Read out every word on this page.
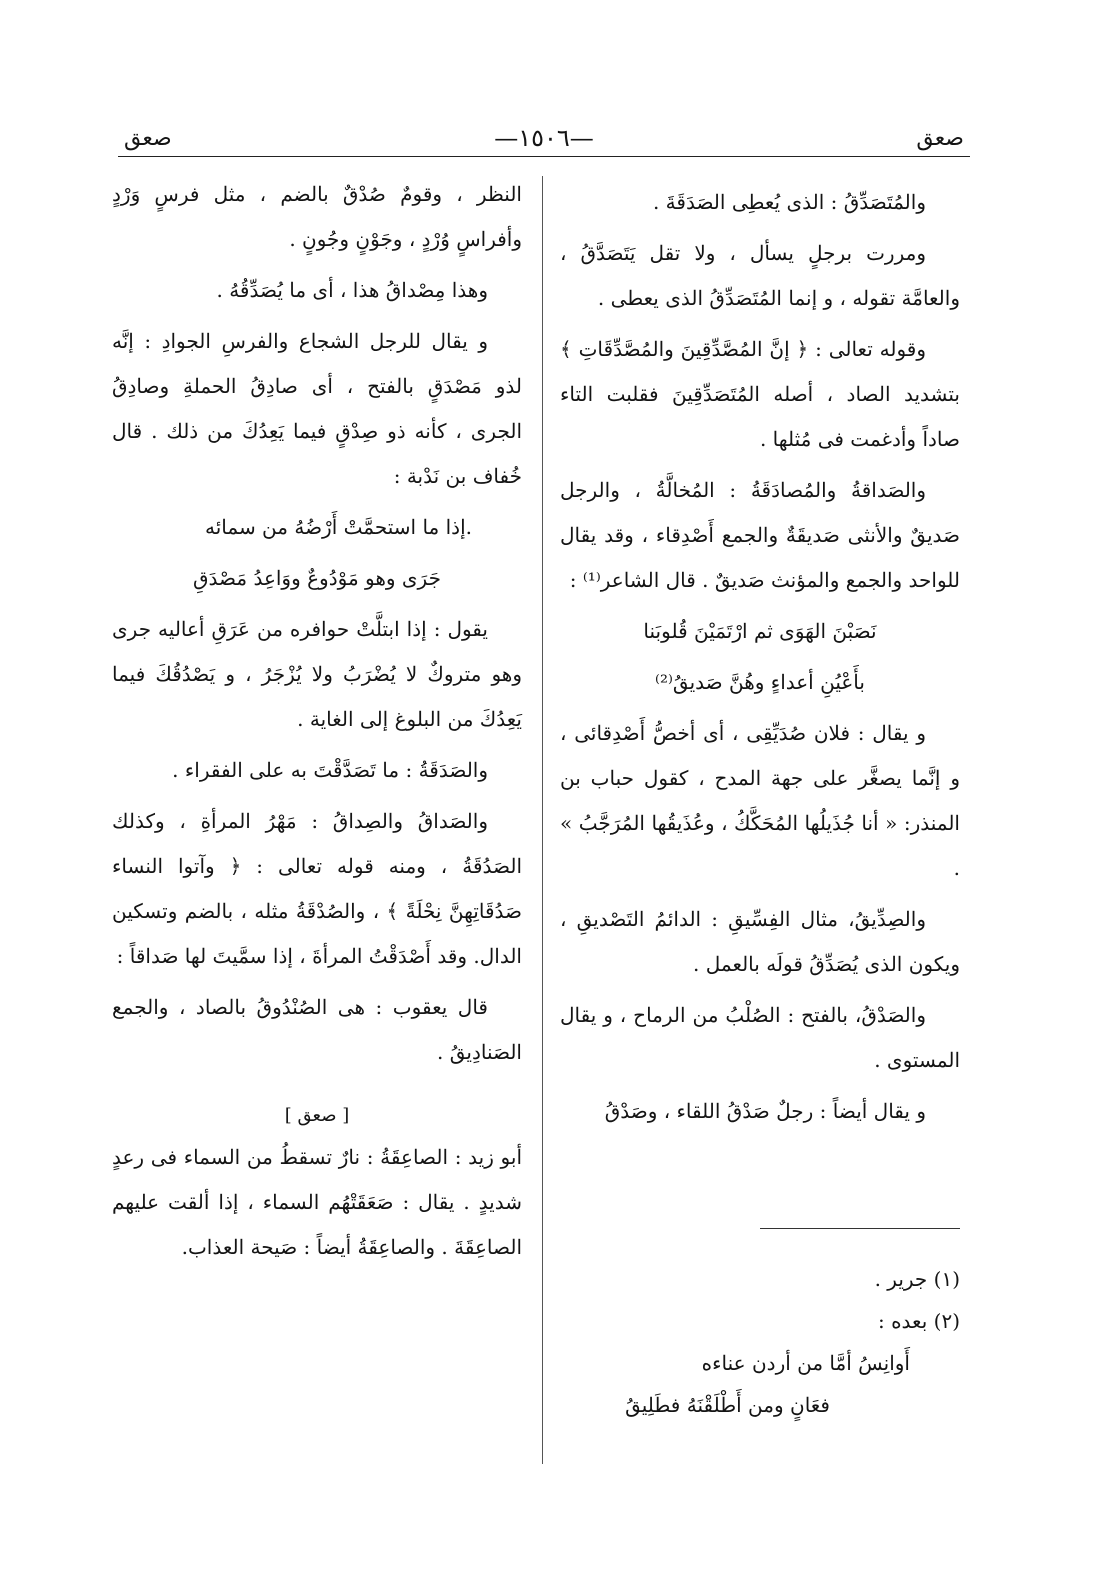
صعق
—١٥٠٦—
صعق

والمُتَصَدِّقُ : الذى يُعطِى الصَدَقَةَ .

ومررت برجلٍ يسأل ، ولا تقل يَتَصَدَّقُ ، والعامَّة تقوله ، و إنما المُتَصَدِّقُ الذى يعطى .

وقوله تعالى : ﴿ إنَّ المُصَّدِّقِينَ والمُصَّدِّقَاتِ ﴾ بتشديد الصاد ، أصله المُتَصَدِّقِينَ فقلبت التاء صاداً وأدغمت فى مُثلها .

والصَداقةُ والمُصادَقَةُ : المُخالَّةُ ، والرجل صَديقٌ والأنثى صَديقَةٌ والجمع أَصْدِقاء ، وقد يقال للواحد والجمع والمؤنث صَديقٌ . قال الشاعر⁽¹⁾ :

نَصَبْنَ الهَوَى ثم ارْتَمَيْنَ قُلوبَنا

بأَعْيُنِ أعداءٍ وهُنَّ صَديقُ⁽²⁾

و يقال : فلان صُدَيِّقِى ، أى أخصُّ أَصْدِقائى ، و إنَّما يصغَّر على جهة المدح ، كقول حباب بن المنذر: « أنا جُذَيلُها المُحَكَّكُ ، وعُذَيقُها المُرَجَّبُ » .

والصِدِّيقُ، مثال الفِسِّيقِ : الدائمُ التَصْديقِ ، ويكون الذى يُصَدِّقُ قولَه بالعمل .

والصَدْقُ، بالفتح : الصُلْبُ من الرماح ، و يقال المستوى .

و يقال أيضاً : رجلٌ صَدْقُ اللقاء ، وصَدْقُ

(١) جرير .

(٢) بعده :

أَوانِسُ أمَّا من أردن عناءه

فعَانٍ ومن أَطْلَقْنَهُ فطَلِيقُ

النظر ، وقومٌ صُدْقٌ بالضم ، مثل فرسٍ وَرْدٍ وأفراسٍ وُرْدٍ ، وجَوْنٍ وجُونٍ .

وهذا مِصْداقُ هذا ، أى ما يُصَدِّقُهُ .

و يقال للرجل الشجاع والفرسِ الجوادِ : إنَّه لذو مَصْدَقٍ بالفتح ، أى صادِقُ الحملةِ وصادِقُ الجرى ، كأنه ذو صِدْقٍ فيما يَعِدُكَ من ذلك . قال خُفاف بن نَدْبة :

.إذا ما استحمَّتْ أَرْضُهُ من سمائه

جَرَى وهو مَوْدُوعٌ ووَاعِدُ مَصْدَقِ

يقول : إذا ابتلَّتْ حوافره من عَرَقِ أعاليه جرى وهو متروكٌ لا يُضْرَبُ ولا يُزْجَرُ ، و يَصْدُقُكَ فيما يَعِدُكَ من البلوغ إلى الغاية .

والصَدَقَةُ : ما تَصَدَّقْتَ به على الفقراء .

والصَداقُ والصِداقُ : مَهْرُ المرأةِ ، وكذلك الصَدُقَةُ ، ومنه قوله تعالى : ﴿ وآتوا النساء صَدُقَاتِهِنَّ نِحْلَةً ﴾ ، والصُدْقَةُ مثله ، بالضم وتسكين الدال. وقد أَصْدَقْتُ المرأةَ ، إذا سمَّيتَ لها صَداقاً :

قال يعقوب : هى الصُنْدُوقُ بالصاد ، والجمع الصَنادِيقُ .

[ صعق ]

أبو زيد : الصاعِقَةُ : نارٌ تسقطُ من السماء فى رعدٍ شديدٍ . يقال : صَعَقَتْهُم السماء ، إذا ألقت عليهم الصاعِقَةَ . والصاعِقَةُ أيضاً : صَيحة العذاب.
